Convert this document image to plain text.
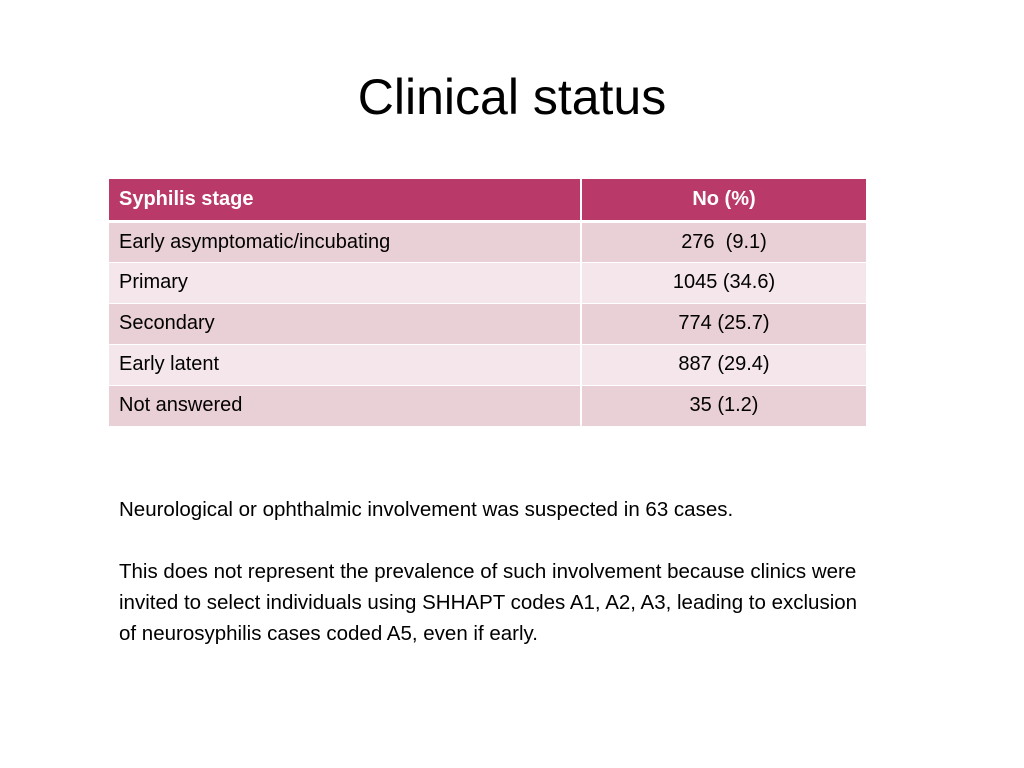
Clinical status
Syphilis stage	No (%)
Early asymptomatic/incubating	276  (9.1)
Primary	1045 (34.6)
Secondary	774 (25.7)
Early latent	887 (29.4)
Not answered	35 (1.2)

Neurological or ophthalmic involvement was suspected in 63 cases.

This does not represent the prevalence of such involvement because clinics were invited to select individuals using SHHAPT codes A1, A2, A3, leading to exclusion of neurosyphilis cases coded A5, even if early.
